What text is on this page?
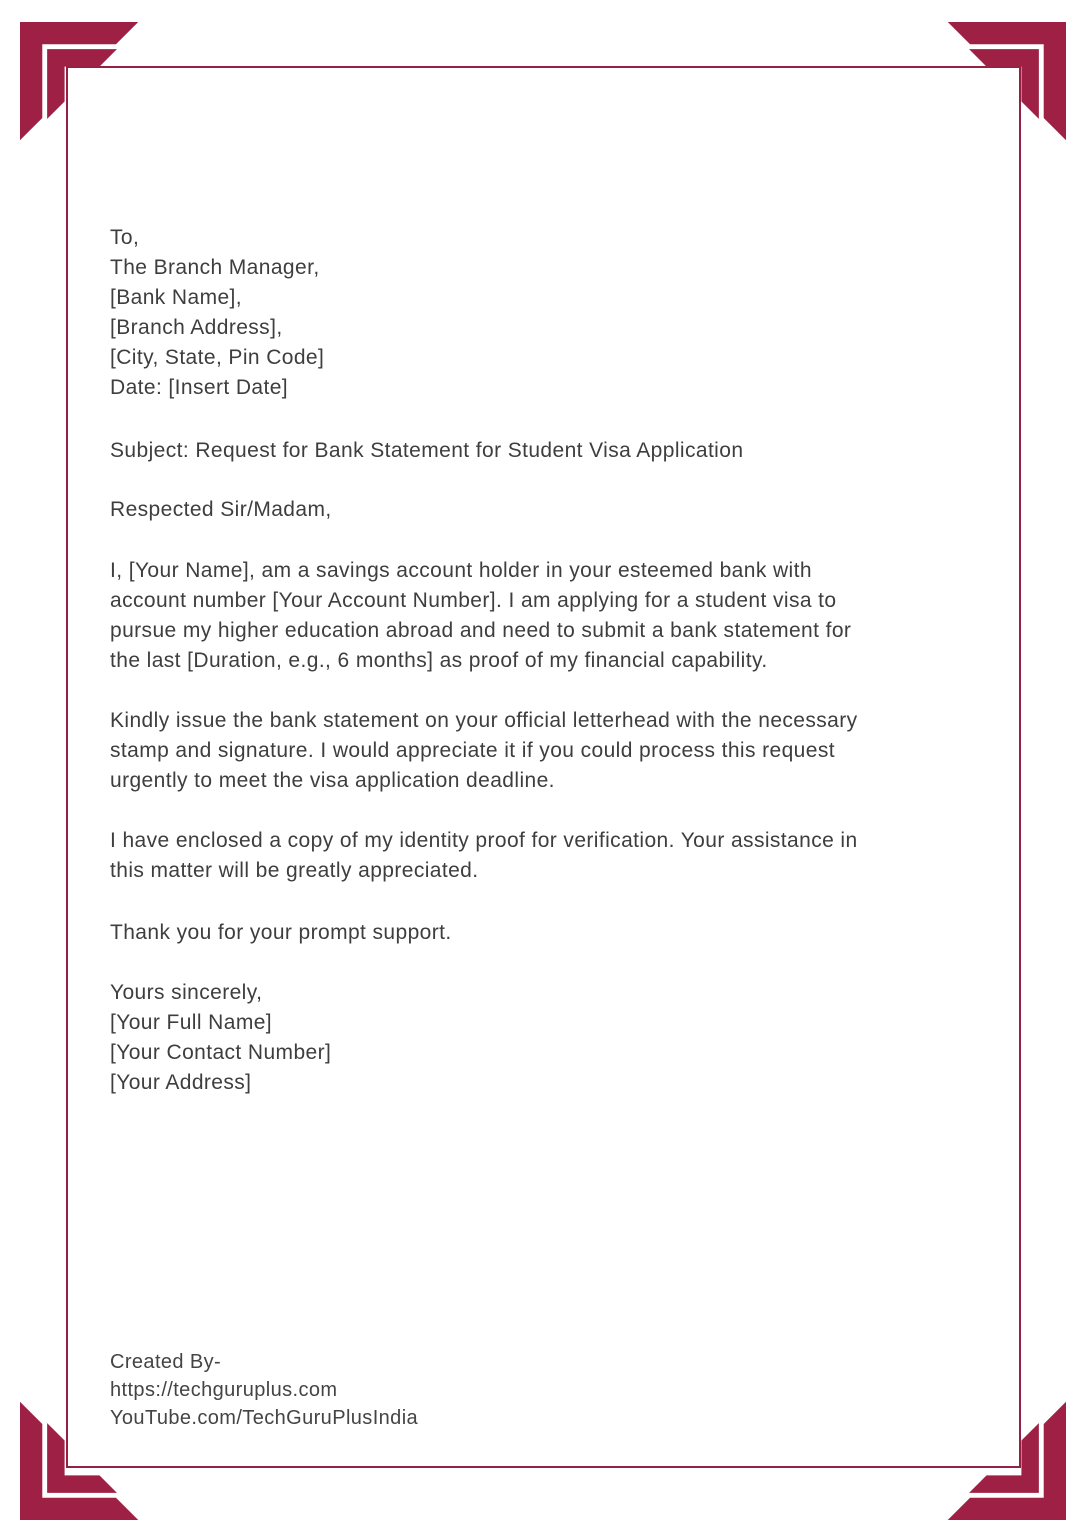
To,
The Branch Manager,
[Bank Name],
[Branch Address],
[City, State, Pin Code]
Date: [Insert Date]
Subject: Request for Bank Statement for Student Visa Application
Respected Sir/Madam,
I, [Your Name], am a savings account holder in your esteemed bank with
account number [Your Account Number]. I am applying for a student visa to
pursue my higher education abroad and need to submit a bank statement for
the last [Duration, e.g., 6 months] as proof of my financial capability.
Kindly issue the bank statement on your official letterhead with the necessary
stamp and signature. I would appreciate it if you could process this request
urgently to meet the visa application deadline.
I have enclosed a copy of my identity proof for verification. Your assistance in
this matter will be greatly appreciated.
Thank you for your prompt support.
Yours sincerely,
[Your Full Name]
[Your Contact Number]
[Your Address]
Created By-
https://techguruplus.com
YouTube.com/TechGuruPlusIndia
